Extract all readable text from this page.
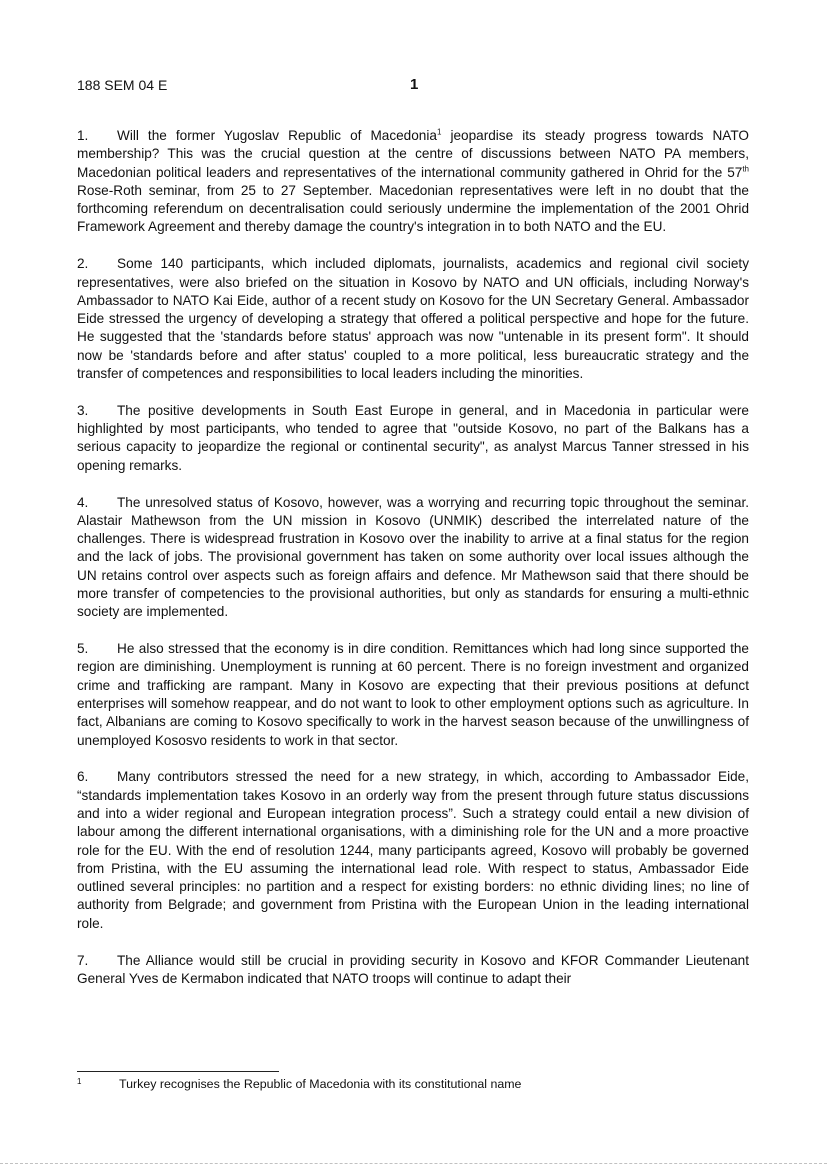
188 SEM 04 E	1

1. Will the former Yugoslav Republic of Macedonia$^1$ jeopardise its steady progress towards NATO membership? This was the crucial question at the centre of discussions between NATO PA members, Macedonian political leaders and representatives of the international community gathered in Ohrid for the 57th Rose-Roth seminar, from 25 to 27 September. Macedonian representatives were left in no doubt that the forthcoming referendum on decentralisation could seriously undermine the implementation of the 2001 Ohrid Framework Agreement and thereby damage the country's integration in to both NATO and the EU.

2. Some 140 participants, which included diplomats, journalists, academics and regional civil society representatives, were also briefed on the situation in Kosovo by NATO and UN officials, including Norway's Ambassador to NATO Kai Eide, author of a recent study on Kosovo for the UN Secretary General. Ambassador Eide stressed the urgency of developing a strategy that offered a political perspective and hope for the future. He suggested that the 'standards before status' approach was now "untenable in its present form". It should now be 'standards before and after status' coupled to a more political, less bureaucratic strategy and the transfer of competences and responsibilities to local leaders including the minorities.

3. The positive developments in South East Europe in general, and in Macedonia in particular were highlighted by most participants, who tended to agree that "outside Kosovo, no part of the Balkans has a serious capacity to jeopardize the regional or continental security", as analyst Marcus Tanner stressed in his opening remarks.

4. The unresolved status of Kosovo, however, was a worrying and recurring topic throughout the seminar. Alastair Mathewson from the UN mission in Kosovo (UNMIK) described the interrelated nature of the challenges. There is widespread frustration in Kosovo over the inability to arrive at a final status for the region and the lack of jobs. The provisional government has taken on some authority over local issues although the UN retains control over aspects such as foreign affairs and defence. Mr Mathewson said that there should be more transfer of competencies to the provisional authorities, but only as standards for ensuring a multi-ethnic society are implemented.

5. He also stressed that the economy is in dire condition. Remittances which had long since supported the region are diminishing. Unemployment is running at 60 percent. There is no foreign investment and organized crime and trafficking are rampant. Many in Kosovo are expecting that their previous positions at defunct enterprises will somehow reappear, and do not want to look to other employment options such as agriculture. In fact, Albanians are coming to Kosovo specifically to work in the harvest season because of the unwillingness of unemployed Kososvo residents to work in that sector.

6. Many contributors stressed the need for a new strategy, in which, according to Ambassador Eide, “standards implementation takes Kosovo in an orderly way from the present through future status discussions and into a wider regional and European integration process”. Such a strategy could entail a new division of labour among the different international organisations, with a diminishing role for the UN and a more proactive role for the EU. With the end of resolution 1244, many participants agreed, Kosovo will probably be governed from Pristina, with the EU assuming the international lead role. With respect to status, Ambassador Eide outlined several principles: no partition and a respect for existing borders: no ethnic dividing lines; no line of authority from Belgrade; and government from Pristina with the European Union in the leading international role.

7. The Alliance would still be crucial in providing security in Kosovo and KFOR Commander Lieutenant General Yves de Kermabon indicated that NATO troops will continue to adapt their

1	Turkey recognises the Republic of Macedonia with its constitutional name
